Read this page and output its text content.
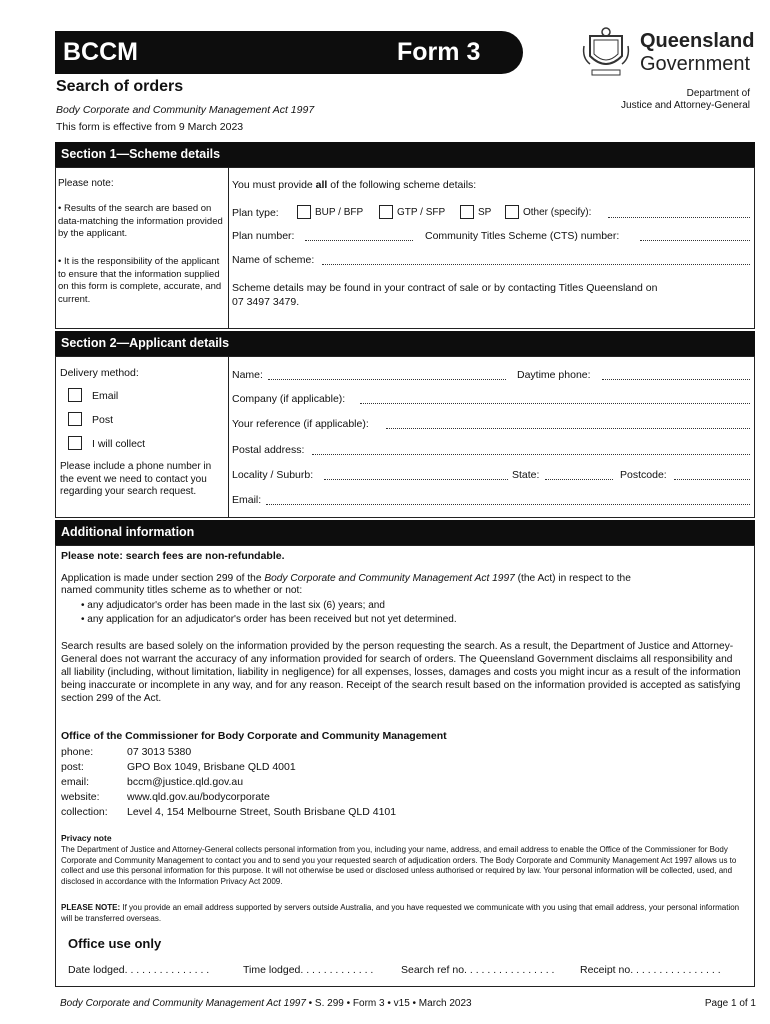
BCCM	Form 3	Queensland
Government
Department of
Justice and Attorney-General
Search of orders
Body Corporate and Community Management Act 1997
This form is effective from 9 March 2023
Section 1—Scheme details
Please note:
• Results of the search are based on data-matching the information provided by the applicant.
• It is the responsibility of the applicant to ensure that the information supplied on this form is complete, accurate, and current.
You must provide all of the following scheme details:
Plan type:	BUP / BFP	GTP / SFP	SP	Other (specify):
Plan number:	Community Titles Scheme (CTS) number:
Name of scheme:
Scheme details may be found in your contract of sale or by contacting Titles Queensland on
07 3497 3479.
Section 2—Applicant details
Delivery method:
Email
Post
I will collect
Please include a phone number in the event we need to contact you regarding your search request.
Name:	Daytime phone:
Company (if applicable):
Your reference (if applicable):
Postal address:
Locality / Suburb:	State:	Postcode:
Email:
Additional information
Please note: search fees are non-refundable.
Application is made under section 299 of the Body Corporate and Community Management Act 1997 (the Act) in respect to the
named community titles scheme as to whether or not:
• any adjudicator's order has been made in the last six (6) years; and
• any application for an adjudicator's order has been received but not yet determined.
Search results are based solely on the information provided by the person requesting the search. As a result, the Department of Justice and Attorney-General does not warrant the accuracy of any information provided for search of orders. The Queensland Government disclaims all responsibility and all liability (including, without limitation, liability in negligence) for all expenses, losses, damages and costs you might incur as a result of the information being inaccurate or incomplete in any way, and for any reason. Receipt of the search result based on the information provided is accepted as satisfying section 299 of the Act.
Office of the Commissioner for Body Corporate and Community Management
phone:	07 3013 5380
post:	GPO Box 1049, Brisbane QLD 4001
email:	bccm@justice.qld.gov.au
website:	www.qld.gov.au/bodycorporate
collection: Level 4, 154 Melbourne Street, South Brisbane QLD 4101
Privacy note
The Department of Justice and Attorney-General collects personal information from you, including your name, address, and email address to enable the Office of the Commissioner for Body Corporate and Community Management to contact you and to send you your requested search of adjudication orders. The Body Corporate and Community Management Act 1997 allows us to collect and use this personal information for this purpose. It will not otherwise be used or disclosed unless authorised or required by law. Your personal information will be collected, used, and disclosed in accordance with the Information Privacy Act 2009.
PLEASE NOTE: If you provide an email address supported by servers outside Australia, and you have requested we communicate with you using that email address, your personal information will be transferred overseas.
Office use only
Date lodged. . . . . . . . . . . . . . .	Time lodged. . . . . . . . . . . . .	Search ref no. . . . . . . . . . . . . . . . Receipt no. . . . . . . . . . . . . . . .
Body Corporate and Community Management Act 1997 • S. 299 • Form 3 • v15 • March 2023	Page 1 of 1
